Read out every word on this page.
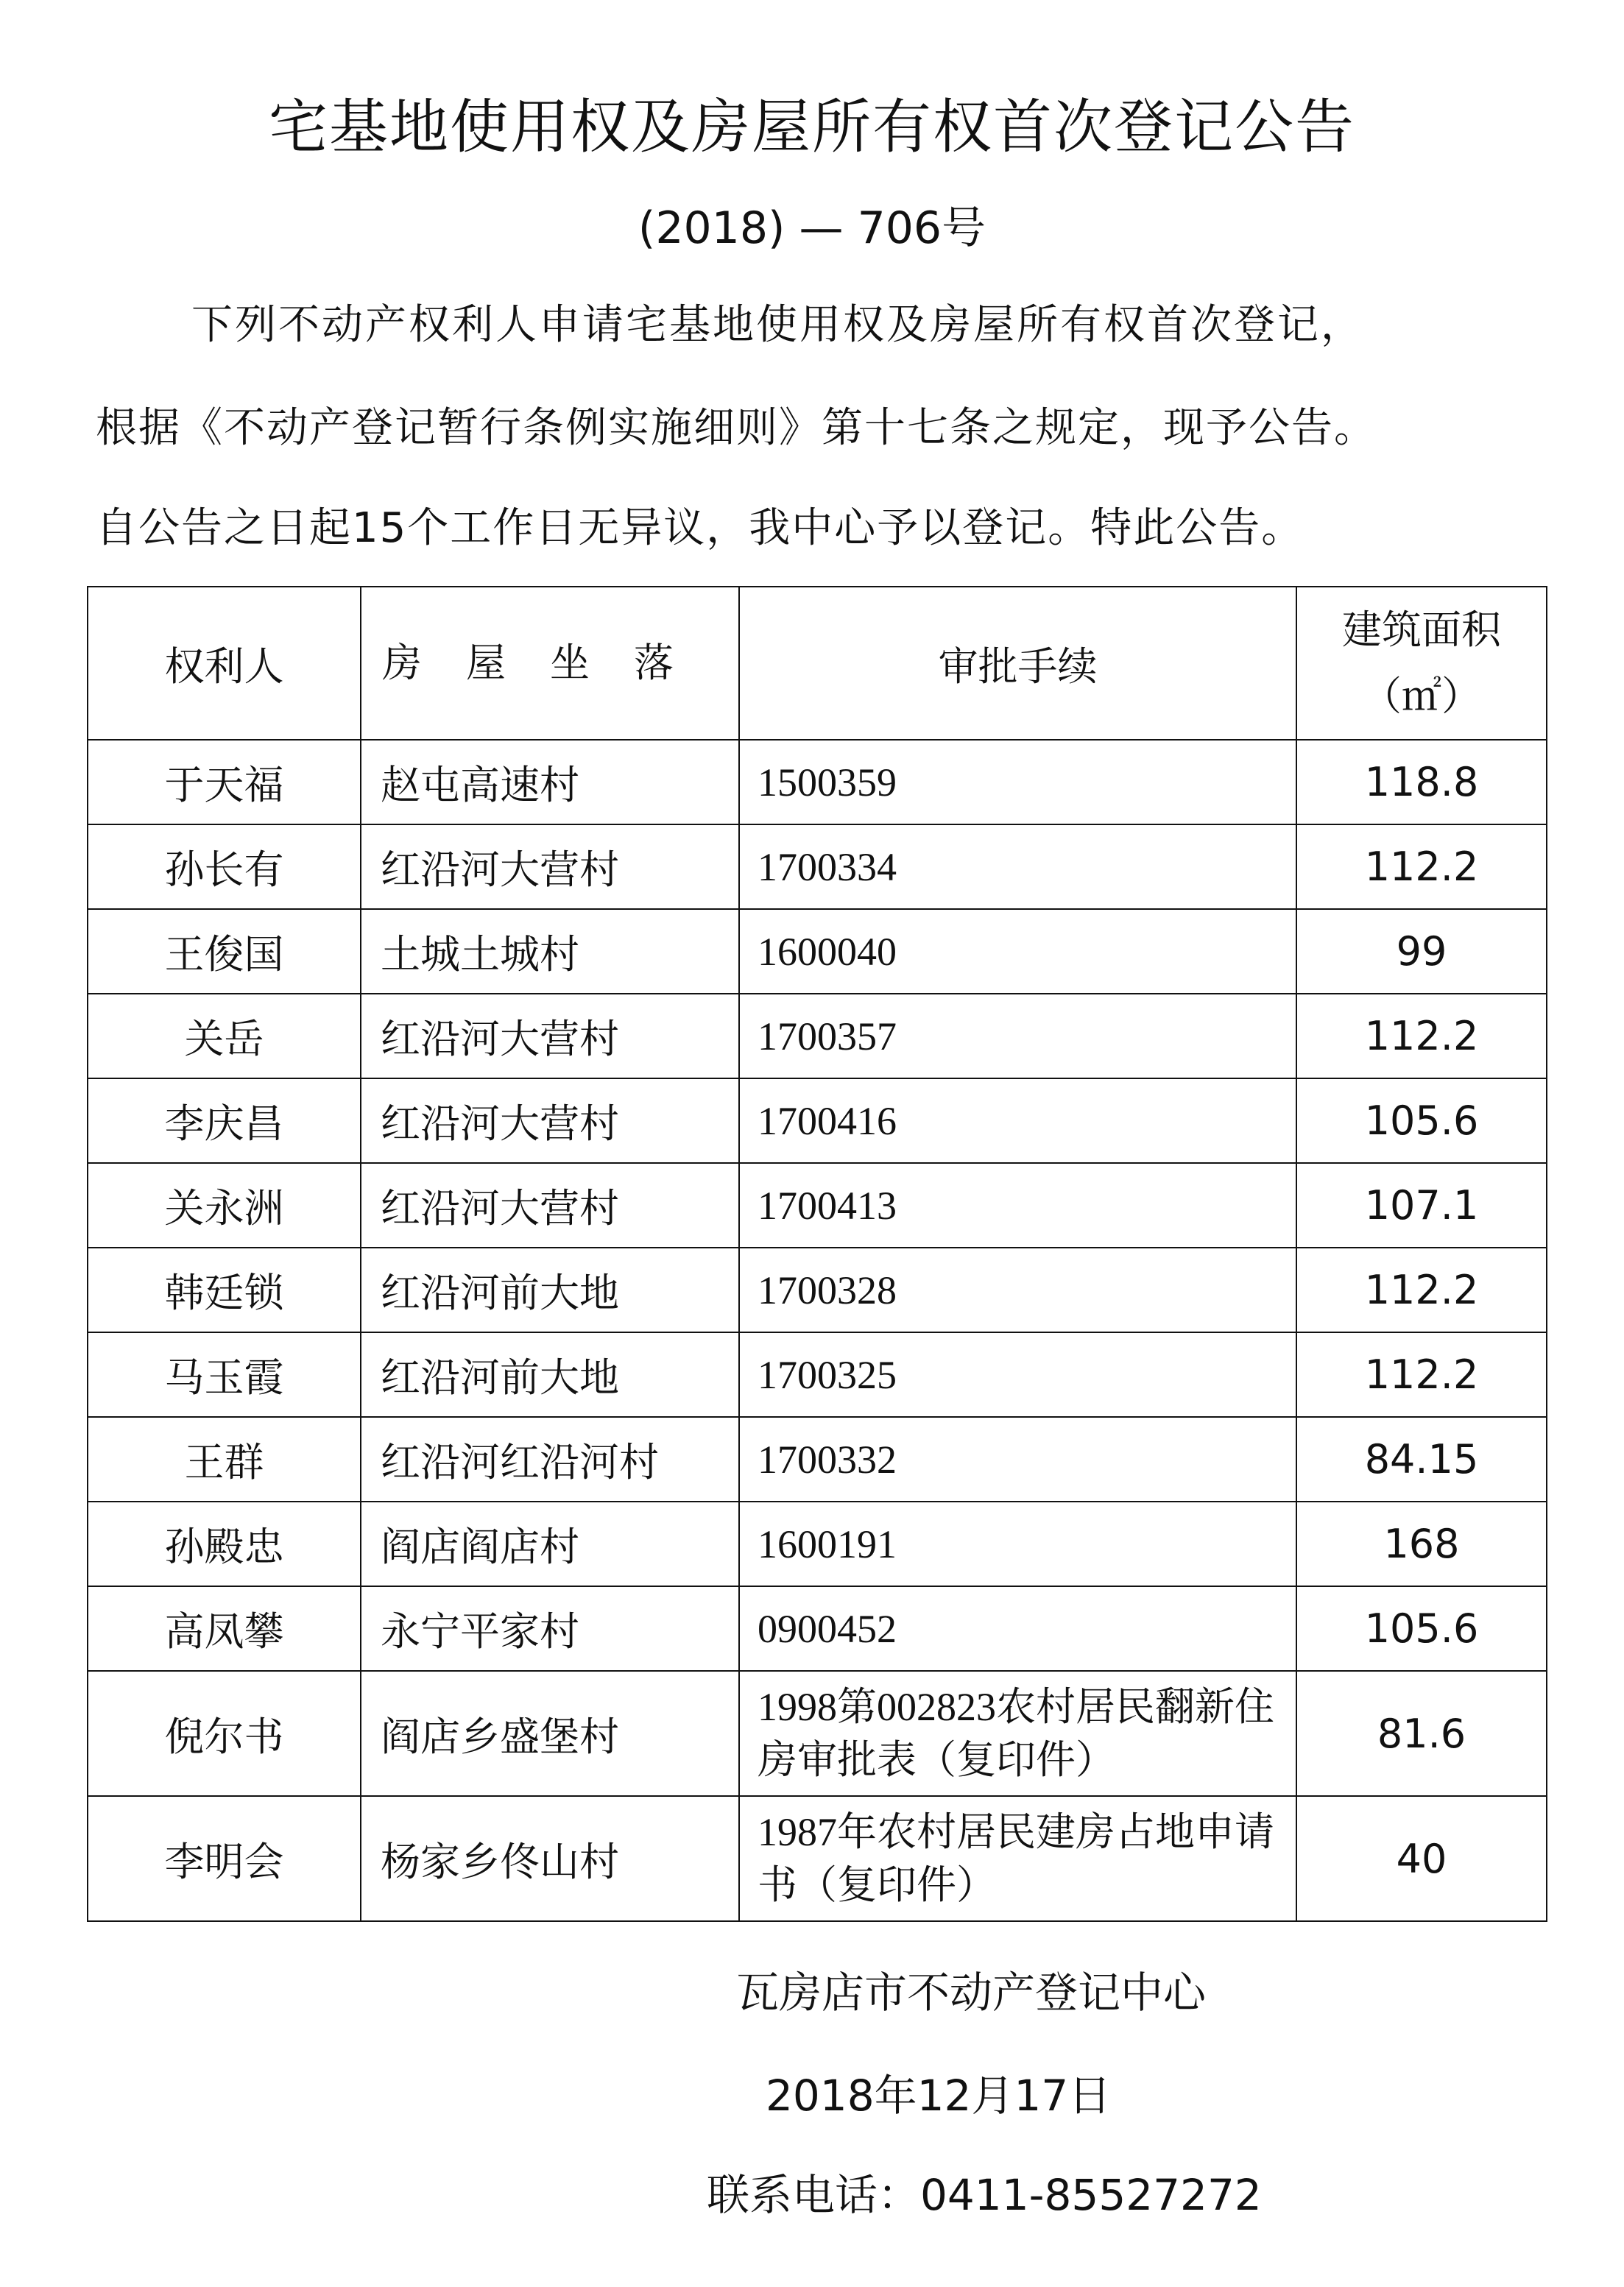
宅基地使用权及房屋所有权首次登记公告
(2018) — 706号
下列不动产权利人申请宅基地使用权及房屋所有权首次登记，
根据《不动产登记暂行条例实施细则》第十七条之规定，现予公告。
自公告之日起15个工作日无异议，我中心予以登记。特此公告。
权利人	房屋坐落	审批手续	建筑面积（㎡）
于天福	赵屯高速村	1500359	118.8
孙长有	红沿河大营村	1700334	112.2
王俊国	土城土城村	1600040	99
关岳	红沿河大营村	1700357	112.2
李庆昌	红沿河大营村	1700416	105.6
关永洲	红沿河大营村	1700413	107.1
韩廷锁	红沿河前大地	1700328	112.2
马玉霞	红沿河前大地	1700325	112.2
王群	红沿河红沿河村	1700332	84.15
孙殿忠	阎店阎店村	1600191	168
高凤攀	永宁平家村	0900452	105.6
倪尔书	阎店乡盛堡村	1998第002823农村居民翻新住房审批表（复印件）	81.6
李明会	杨家乡佟山村	1987年农村居民建房占地申请书（复印件）	40
瓦房店市不动产登记中心
2018年12月17日
联系电话：0411-85527272
